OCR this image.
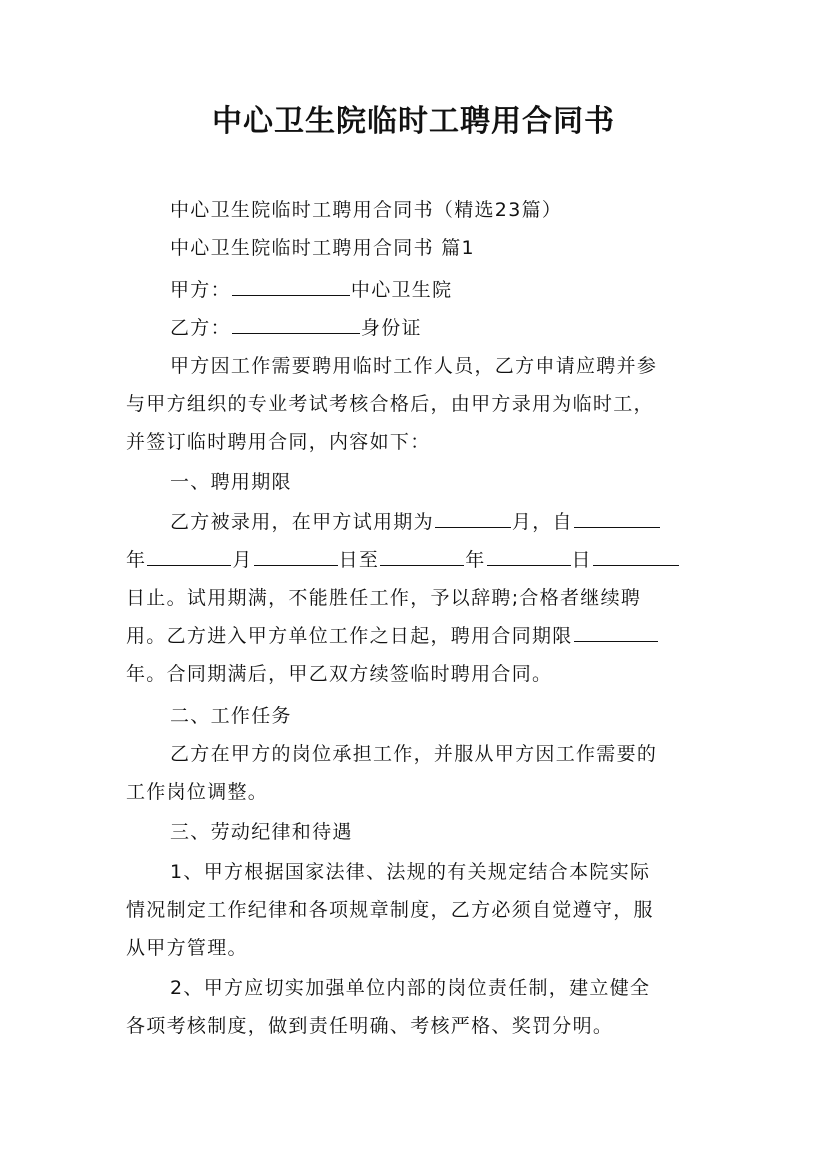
中心卫生院临时工聘用合同书

中心卫生院临时工聘用合同书（精选23篇）

中心卫生院临时工聘用合同书 篇1

甲方：	中心卫生院

乙方：	身份证

甲方因工作需要聘用临时工作人员，乙方申请应聘并参
与甲方组织的专业考试考核合格后，由甲方录用为临时工，
并签订临时聘用合同，内容如下：

一、聘用期限

乙方被录用，在甲方试用期为	月，自
年	月	日至	年	日
日止。试用期满，不能胜任工作，予以辞聘;合格者继续聘
用。乙方进入甲方单位工作之日起，聘用合同期限
年。合同期满后，甲乙双方续签临时聘用合同。

二、工作任务

乙方在甲方的岗位承担工作，并服从甲方因工作需要的
工作岗位调整。

三、劳动纪律和待遇

1、甲方根据国家法律、法规的有关规定结合本院实际
情况制定工作纪律和各项规章制度，乙方必须自觉遵守，服
从甲方管理。
2、甲方应切实加强单位内部的岗位责任制，建立健全
各项考核制度，做到责任明确、考核严格、奖罚分明。
